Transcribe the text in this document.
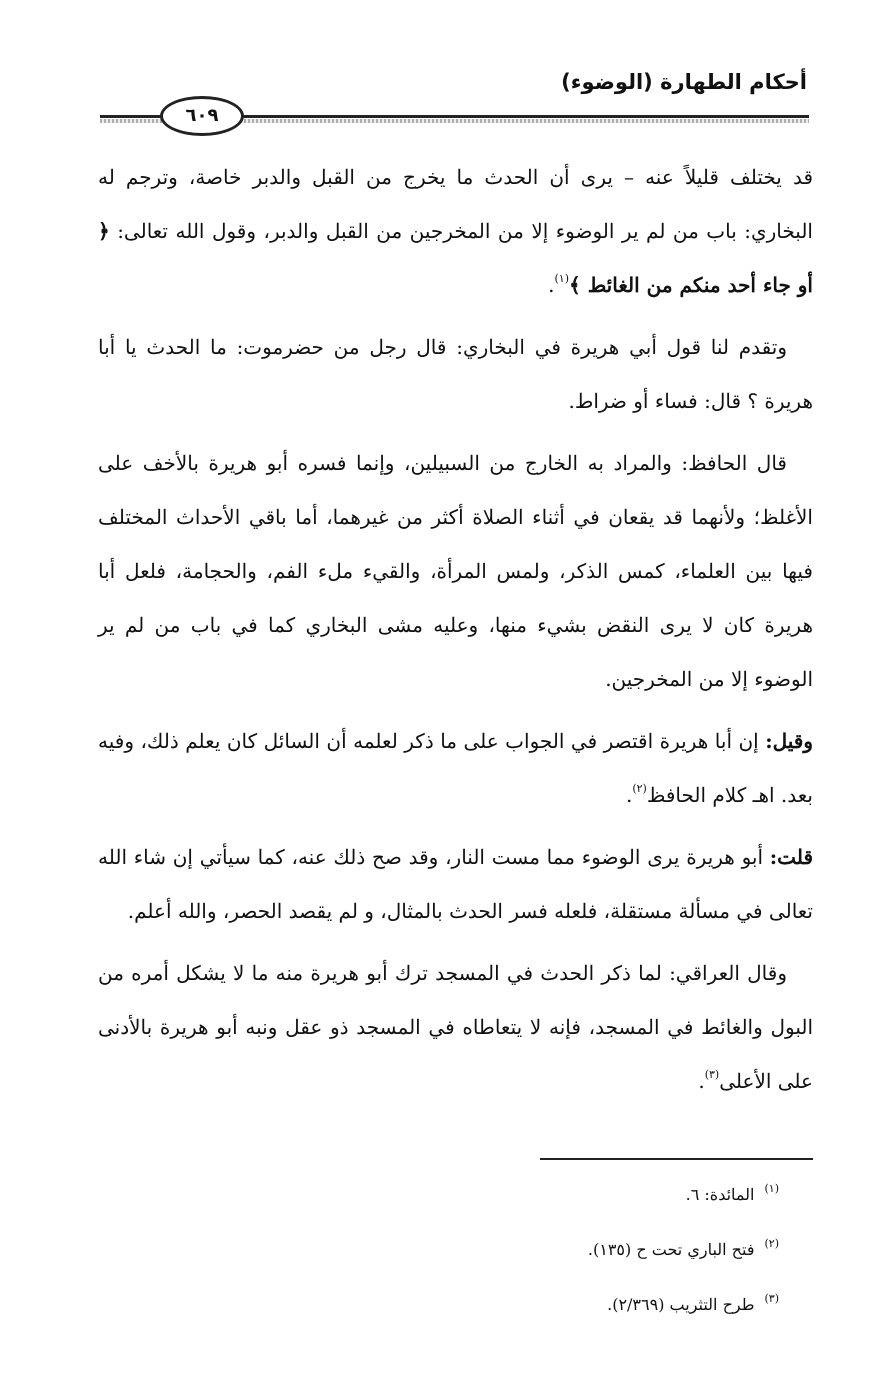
أحكام الطهارة (الوضوء)
٦٠٩

قد يختلف قليلاً عنه – يرى أن الحدث ما يخرج من القبل والدبر خاصة، وترجم له البخاري: باب من لم ير الوضوء إلا من المخرجين من القبل والدبر، وقول الله تعالى: ﴿ أو جاء أحد منكم من الغائط ﴾$^{(١)}$.

وتقدم لنا قول أبي هريرة في البخاري: قال رجل من حضرموت: ما الحدث يا أبا هريرة ؟ قال: فساء أو ضراط.

قال الحافظ: والمراد به الخارج من السبيلين، وإنما فسره أبو هريرة بالأخف على الأغلظ؛ ولأنهما قد يقعان في أثناء الصلاة أكثر من غيرهما، أما باقي الأحداث المختلف فيها بين العلماء، كمس الذكر، ولمس المرأة، والقيء ملء الفم، والحجامة، فلعل أبا هريرة كان لا يرى النقض بشيء منها، وعليه مشى البخاري كما في باب من لم ير الوضوء إلا من المخرجين.

وقيل: إن أبا هريرة اقتصر في الجواب على ما ذكر لعلمه أن السائل كان يعلم ذلك، وفيه بعد. اهـ كلام الحافظ$^{(٢)}$.

قلت: أبو هريرة يرى الوضوء مما مست النار، وقد صح ذلك عنه، كما سيأتي إن شاء الله تعالى في مسألة مستقلة، فلعله فسر الحدث بالمثال، و لم يقصد الحصر، والله أعلم.

وقال العراقي: لما ذكر الحدث في المسجد ترك أبو هريرة منه ما لا يشكل أمره من البول والغائط في المسجد، فإنه لا يتعاطاه في المسجد ذو عقل ونبه أبو هريرة بالأدنى على الأعلى$^{(٣)}$.

$^{(١)}$المائدة: ٦.
$^{(٢)}$فتح الباري تحت ح (١٣٥).
$^{(٣)}$طرح التثريب (٢/٣٦٩).
